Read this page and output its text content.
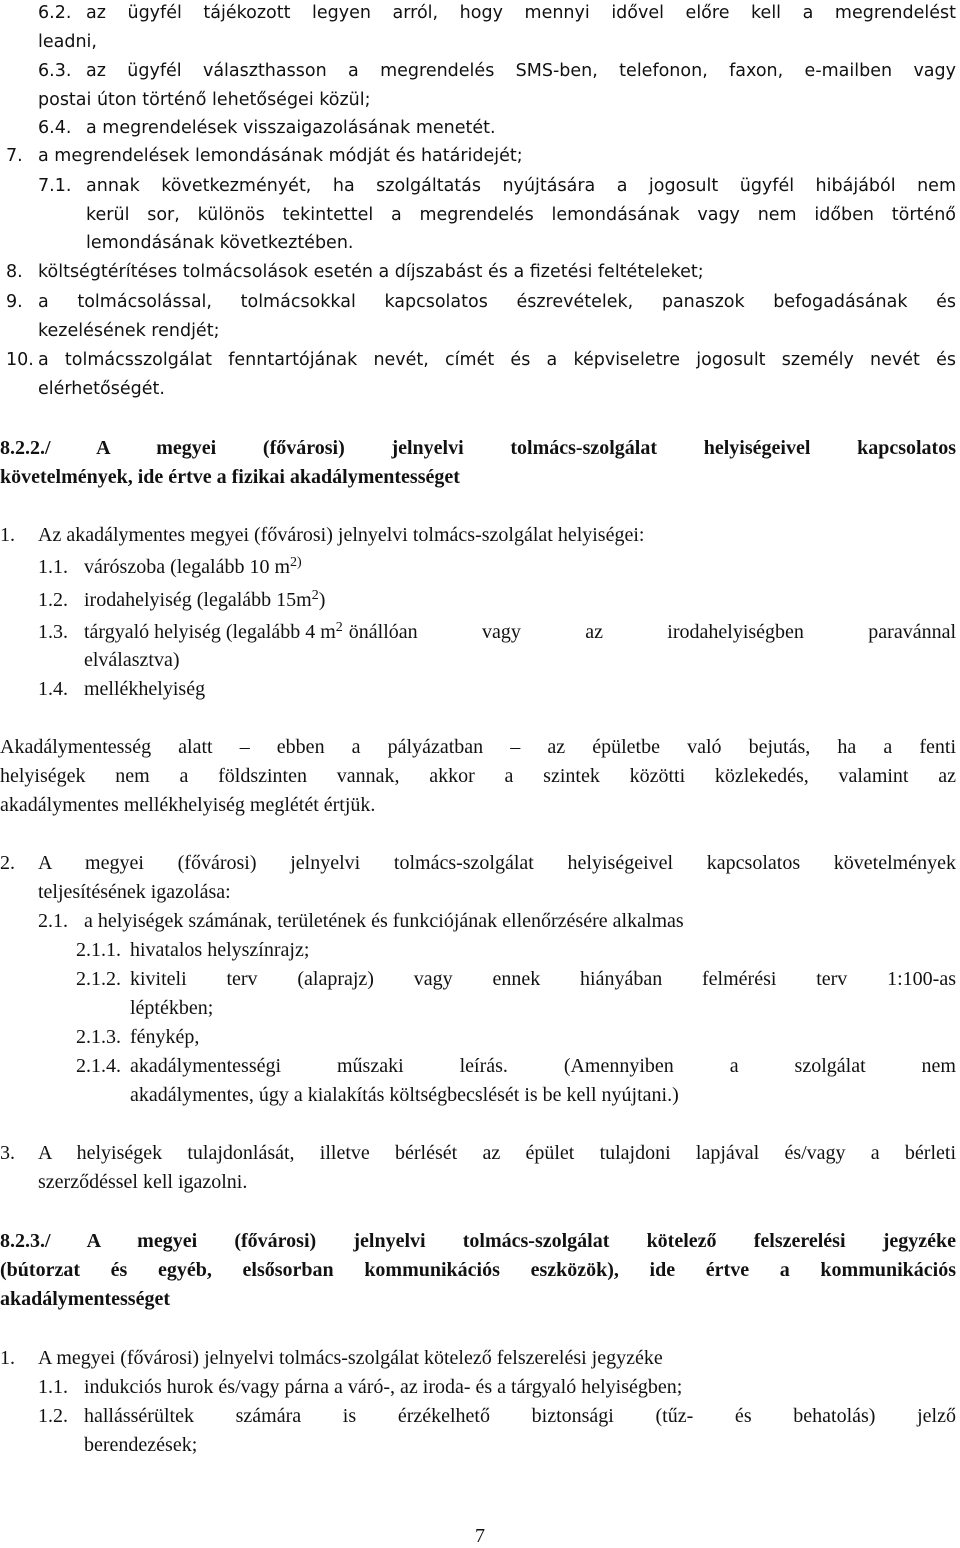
6.2. az ügyfél tájékozott legyen arról, hogy mennyi idővel előre kell a megrendelést
leadni,
6.3. az ügyfél választhasson a megrendelés SMS-ben, telefonon, faxon, e-mailben vagy
postai úton történő lehetőségei közül;
6.4. a megrendelések visszaigazolásának menetét.
7. a megrendelések lemondásának módját és határidejét;
7.1. annak következményét, ha szolgáltatás nyújtására a jogosult ügyfél hibájából nem
kerül sor, különös tekintettel a megrendelés lemondásának vagy nem időben történő
lemondásának következtében.
8. költségtérítéses tolmácsolások esetén a díjszabást és a fizetési feltételeket;
9. a tolmácsolással, tolmácsokkal kapcsolatos észrevételek, panaszok befogadásának és
kezelésének rendjét;
10. a tolmácsszolgálat fenntartójának nevét, címét és a képviseletre jogosult személy nevét és
elérhetőségét.
8.2.2./ A megyei (fővárosi) jelnyelvi tolmács-szolgálat helyiségeivel kapcsolatos
követelmények, ide értve a fizikai akadálymentességet
1. Az akadálymentes megyei (fővárosi) jelnyelvi tolmács-szolgálat helyiségei:
1.1. várószoba (legalább 10 $m^{2)}$
1.2. irodahelyiség (legalább $15m^2$)
1.3. tárgyaló helyiség (legalább 4 $m^2$ önállóan vagy az irodahelyiségben paravánnal
elválasztva)
1.4. mellékhelyiség
Akadálymentesség alatt – ebben a pályázatban – az épületbe való bejutás, ha a fenti
helyiségek nem a földszinten vannak, akkor a szintek közötti közlekedés, valamint az
akadálymentes mellékhelyiség meglétét értjük.
2. A megyei (fővárosi) jelnyelvi tolmács-szolgálat helyiségeivel kapcsolatos követelmények
teljesítésének igazolása:
2.1. a helyiségek számának, területének és funkciójának ellenőrzésére alkalmas
2.1.1. hivatalos helyszínrajz;
2.1.2. kiviteli terv (alaprajz) vagy ennek hiányában felmérési terv 1:100-as
léptékben;
2.1.3. fénykép,
2.1.4. akadálymentességi műszaki leírás. (Amennyiben a szolgálat nem
akadálymentes, úgy a kialakítás költségbecslését is be kell nyújtani.)
3. A helyiségek tulajdonlását, illetve bérlését az épület tulajdoni lapjával és/vagy a bérleti
szerződéssel kell igazolni.
8.2.3./ A megyei (fővárosi) jelnyelvi tolmács-szolgálat kötelező felszerelési jegyzéke
(bútorzat és egyéb, elsősorban kommunikációs eszközök), ide értve a kommunikációs
akadálymentességet
1. A megyei (fővárosi) jelnyelvi tolmács-szolgálat kötelező felszerelési jegyzéke
1.1. indukciós hurok és/vagy párna a váró-, az iroda- és a tárgyaló helyiségben;
1.2. hallássérültek számára is érzékelhető biztonsági (tűz- és behatolás) jelző
berendezések;
7
